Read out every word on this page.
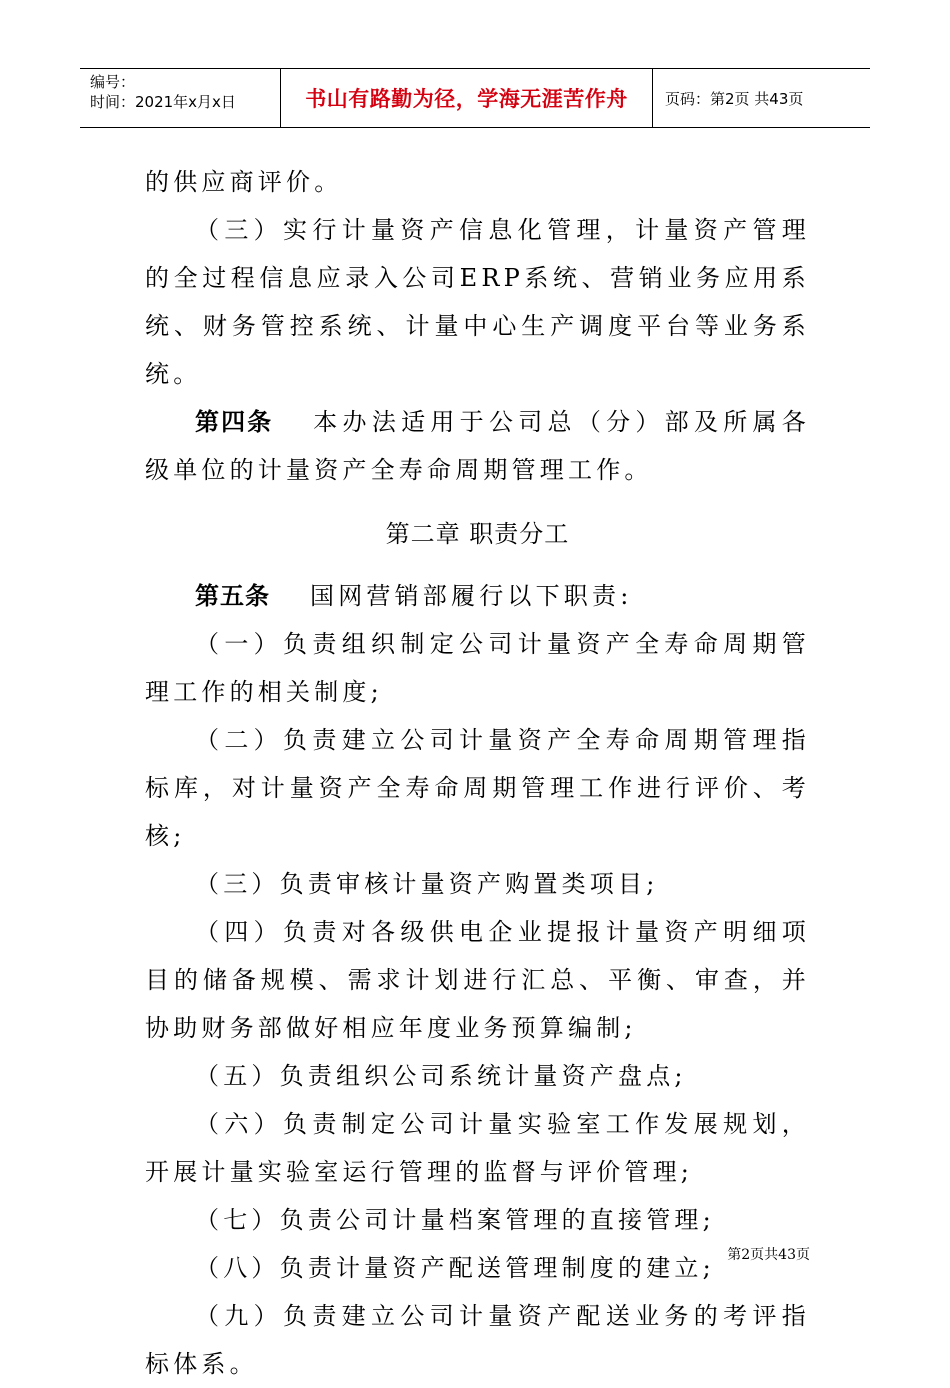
编号：
时间：2021年x月x日	书山有路勤为径，学海无涯苦作舟	页码：第2页 共43页

的供应商评价。

（三）实行计量资产信息化管理，计量资产管理的全过程信息应录入公司ERP系统、营销业务应用系统、财务管控系统、计量中心生产调度平台等业务系统。

第四条 本办法适用于公司总（分）部及所属各级单位的计量资产全寿命周期管理工作。

第二章 职责分工

第五条 国网营销部履行以下职责:

（一）负责组织制定公司计量资产全寿命周期管理工作的相关制度;

（二）负责建立公司计量资产全寿命周期管理指标库，对计量资产全寿命周期管理工作进行评价、考核;

（三）负责审核计量资产购置类项目;

（四）负责对各级供电企业提报计量资产明细项目的储备规模、需求计划进行汇总、平衡、审查，并协助财务部做好相应年度业务预算编制;

（五）负责组织公司系统计量资产盘点;

（六）负责制定公司计量实验室工作发展规划，开展计量实验室运行管理的监督与评价管理;

（七）负责公司计量档案管理的直接管理;

（八）负责计量资产配送管理制度的建立;

（九）负责建立公司计量资产配送业务的考评指标体系。

第2页共43页
